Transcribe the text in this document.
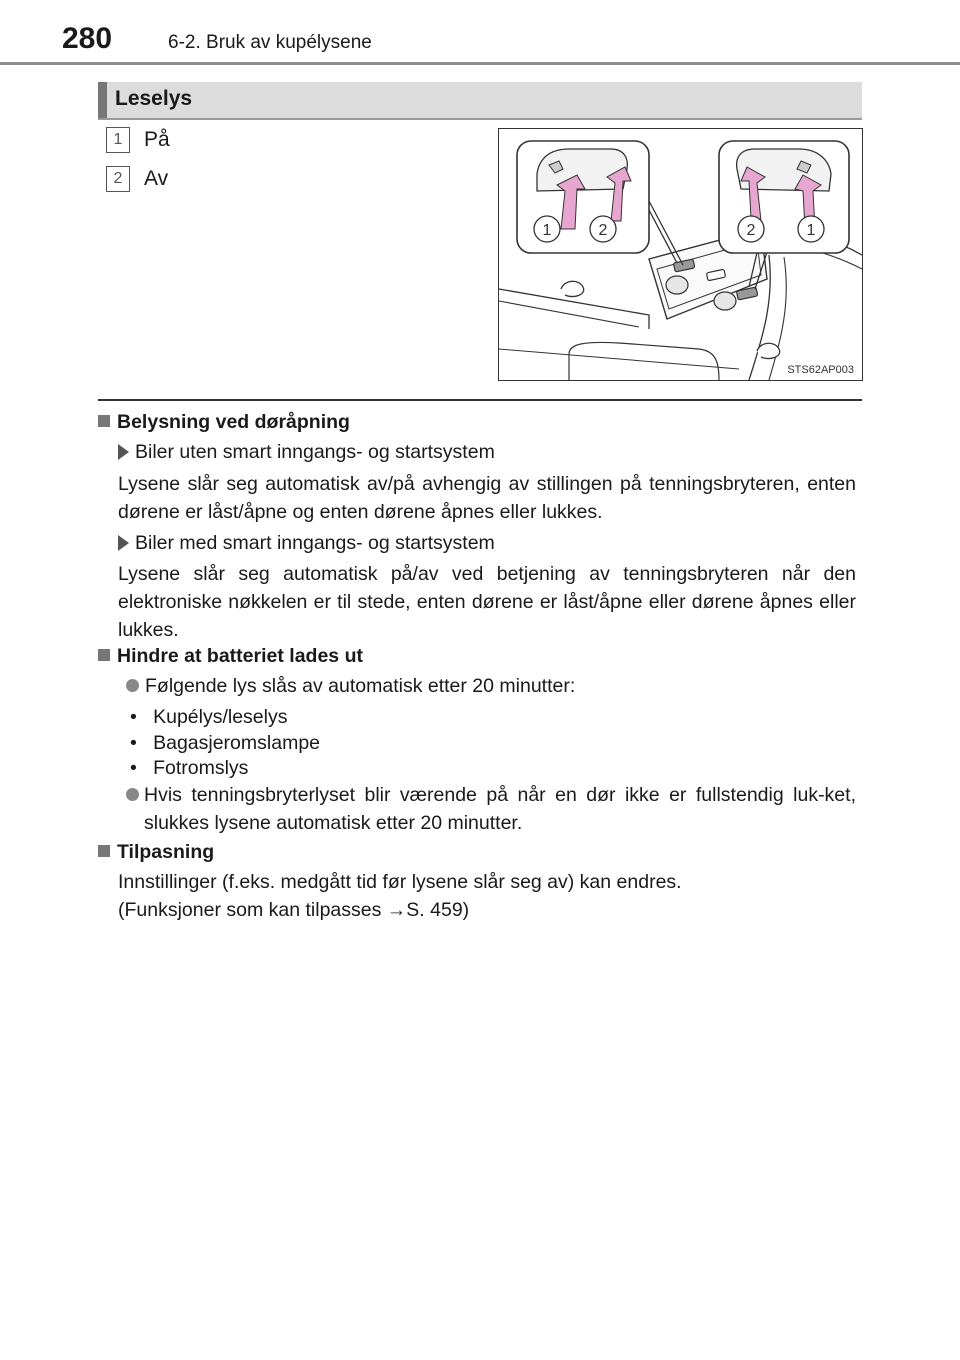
280	6-2. Bruk av kupélysene
Leselys
1	På
2	Av
1	2	2	1
STS62AP003
Belysning ved døråpning
Biler uten smart inngangs- og startsystem
Lysene slår seg automatisk av/på avhengig av stillingen på tenningsbryteren, enten dørene er låst/åpne og enten dørene åpnes eller lukkes.
Biler med smart inngangs- og startsystem
Lysene slår seg automatisk på/av ved betjening av tenningsbryteren når den elektroniske nøkkelen er til stede, enten dørene er låst/åpne eller dørene åpnes eller lukkes.
Hindre at batteriet lades ut
Følgende lys slås av automatisk etter 20 minutter:
•   Kupélys/leselys
•   Bagasjeromslampe
•   Fotromslys
Hvis tenningsbryterlyset blir værende på når en dør ikke er fullstendig luk-ket, slukkes lysene automatisk etter 20 minutter.
Tilpasning
Innstillinger (f.eks. medgått tid før lysene slår seg av) kan endres.
(Funksjoner som kan tilpasses →S. 459)
